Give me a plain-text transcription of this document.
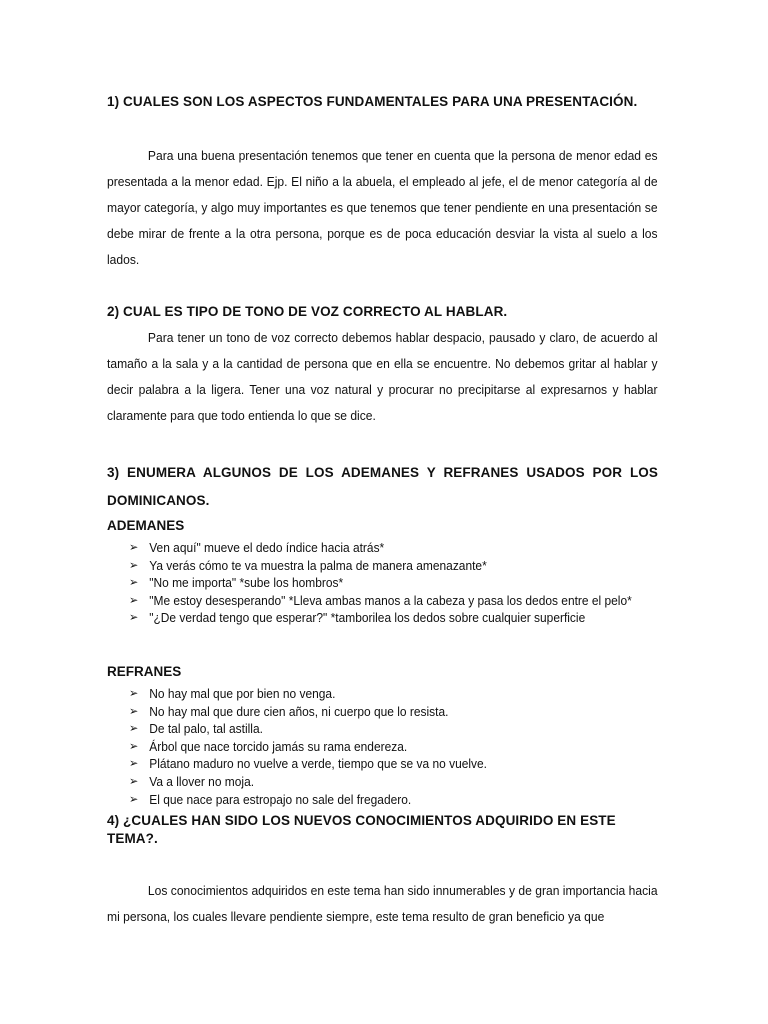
1) CUALES SON LOS ASPECTOS FUNDAMENTALES PARA UNA PRESENTACIÓN.

Para una buena presentación tenemos que tener en cuenta que la persona de menor edad es presentada a la menor edad. Ejp. El niño a la abuela, el empleado al jefe, el de menor categoría al de mayor categoría, y algo muy importantes es que tenemos que tener pendiente en una presentación se debe mirar de frente a la otra persona, porque es de poca educación desviar la vista al suelo a los lados.

2) CUAL ES TIPO DE TONO DE VOZ CORRECTO AL HABLAR.

Para tener un tono de voz correcto debemos hablar despacio, pausado y claro, de acuerdo al tamaño a la sala y a la cantidad de persona que en ella se encuentre. No debemos gritar al hablar y decir palabra a la ligera. Tener una voz natural y procurar no precipitarse al expresarnos y hablar claramente para que todo entienda lo que se dice.

3) ENUMERA ALGUNOS DE LOS ADEMANES Y REFRANES USADOS POR LOS DOMINICANOS.

ADEMANES

➢ Ven aquí" mueve el dedo índice hacia atrás*
➢ Ya verás cómo te va muestra la palma de manera amenazante*
➢ "No me importa" *sube los hombros*
➢ "Me estoy desesperando" *Lleva ambas manos a la cabeza y pasa los dedos entre el pelo*
➢ "¿De verdad tengo que esperar?" *tamborilea los dedos sobre cualquier superficie

REFRANES

➢ No hay mal que por bien no venga.
➢ No hay mal que dure cien años, ni cuerpo que lo resista.
➢ De tal palo, tal astilla.
➢ Árbol que nace torcido jamás su rama endereza.
➢ Plátano maduro no vuelve a verde, tiempo que se va no vuelve.
➢ Va a llover no moja.
➢ El que nace para estropajo no sale del fregadero.

4) ¿CUALES HAN SIDO LOS NUEVOS CONOCIMIENTOS ADQUIRIDO EN ESTE TEMA?.

Los conocimientos adquiridos en este tema han sido innumerables y de gran importancia hacia mi persona, los cuales llevare pendiente siempre, este tema resulto de gran beneficio ya que
